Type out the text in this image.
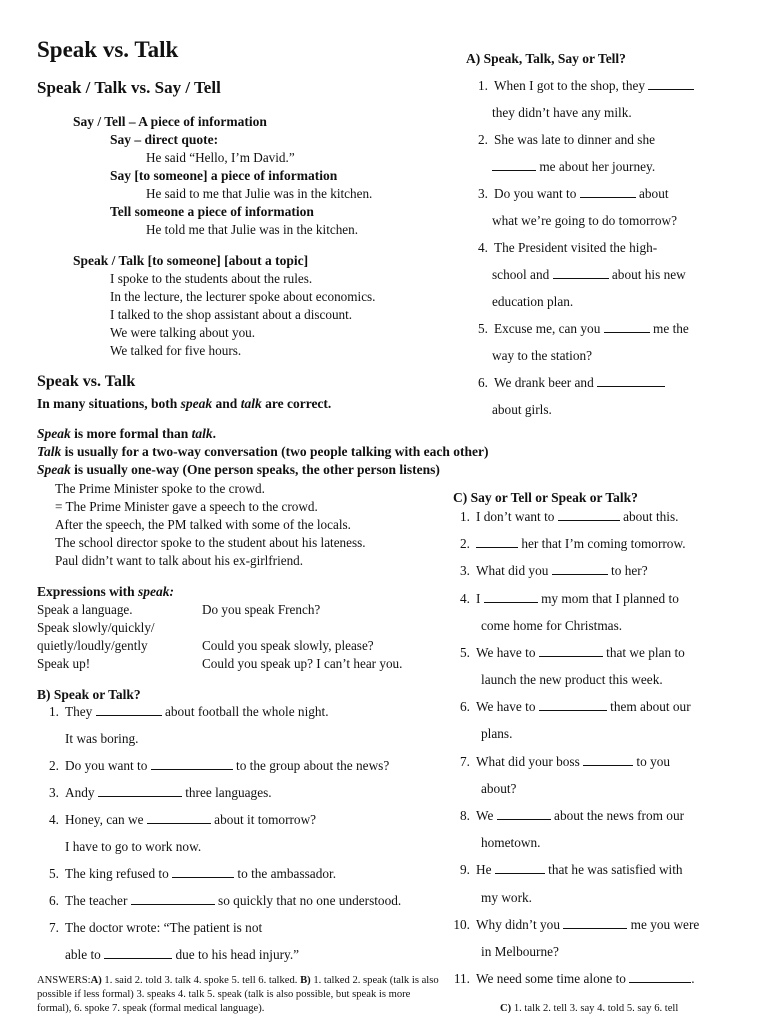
Speak vs. Talk
Speak / Talk vs. Say / Tell
Say / Tell – A piece of information
Say – direct quote:
He said “Hello, I’m David.”
Say [to someone] a piece of information
He said to me that Julie was in the kitchen.
Tell someone a piece of information
He told me that Julie was in the kitchen.
Speak / Talk [to someone] [about a topic]
I spoke to the students about the rules.
In the lecture, the lecturer spoke about economics.
I talked to the shop assistant about a discount.
We were talking about you.
We talked for five hours.
Speak vs. Talk
In many situations, both speak and talk are correct.
Speak is more formal than talk.
Talk is usually for a two-way conversation (two people talking with each other)
Speak is usually one-way (One person speaks, the other person listens)
The Prime Minister spoke to the crowd.
= The Prime Minister gave a speech to the crowd.
After the speech, the PM talked with some of the locals.
The school director spoke to the student about his lateness.
Paul didn’t want to talk about his ex-girlfriend.
Expressions with speak:
Speak a language.	Do you speak French?
Speak slowly/quickly/
quietly/loudly/gently	Could you speak slowly, please?
Speak up!	Could you speak up? I can’t hear you.
B) Speak or Talk?
1. They	about football the whole night.
It was boring.
2. Do you want to	to the group about the news?
3. Andy	three languages.
4. Honey, can we	about it tomorrow?
I have to go to work now.
5. The king refused to	to the ambassador.
6. The teacher	so quickly that no one understood.
7. The doctor wrote: “The patient is not
able to	due to his head injury.”
A) Speak, Talk, Say or Tell?
1. When I got to the shop, they
they didn’t have any milk.
2. She was late to dinner and she
me about her journey.
3. Do you want to	about
what we’re going to do tomorrow?
4. The President visited the high-
school and	about his new
education plan.
5. Excuse me, can you	me the
way to the station?
6. We drank beer and
about girls.
C) Say or Tell or Speak or Talk?
1. I don’t want to	about this.
2.	her that I’m coming tomorrow.
3. What did you	to her?
4. I	my mom that I planned to
come home for Christmas.
5. We have to	that we plan to
launch the new product this week.
6. We have to	them about our
plans.
7. What did your boss	to you
about?
8. We	about the news from our
hometown.
9. He	that he was satisfied with
my work.
10. Why didn’t you	me you were
in Melbourne?
11. We need some time alone to	.
ANSWERS:A) 1. said 2. told 3. talk 4. spoke 5. tell 6. talked. B) 1. talked 2. speak (talk is also possible if less formal) 3. speaks 4. talk 5. speak (talk is also possible, but speak is more formal), 6. spoke 7. speak (formal medical language).	C) 1. talk 2. tell 3. say 4. told 5. say 6. tell
